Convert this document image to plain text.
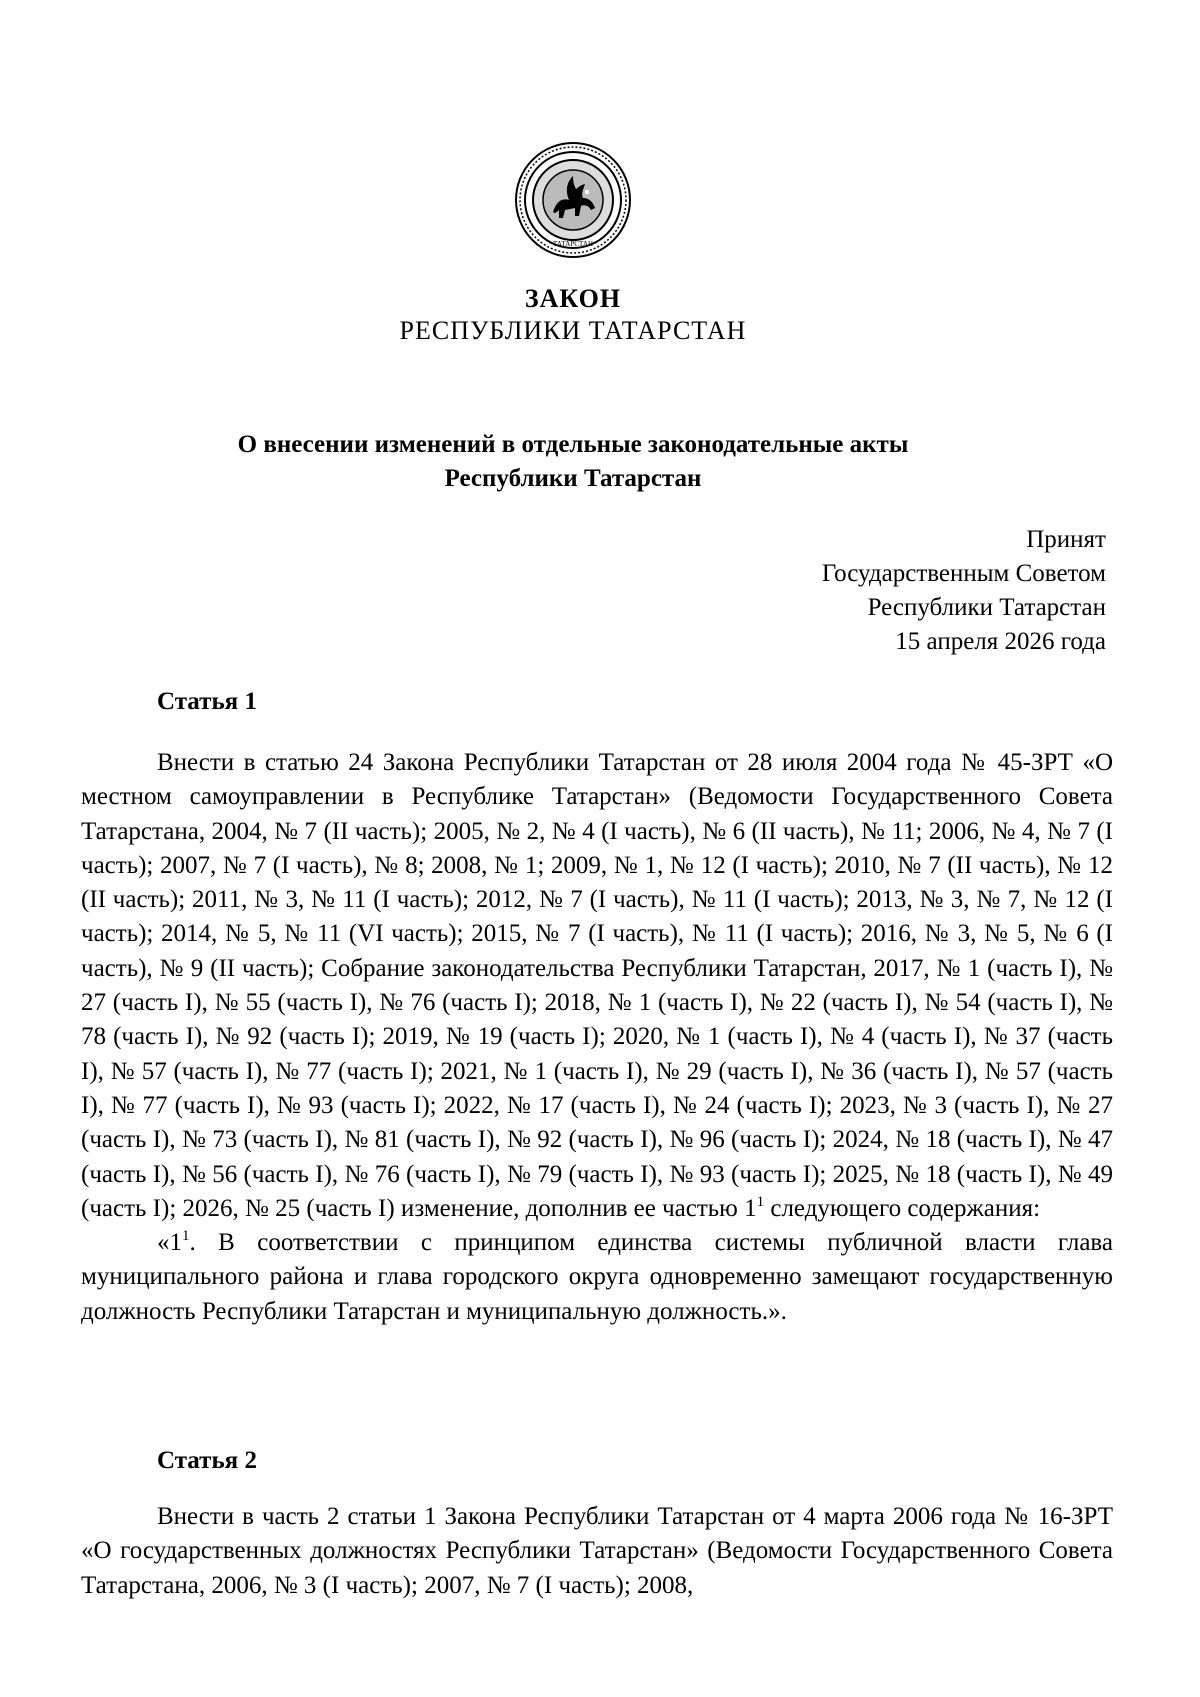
ТАТАРСТАН
ЗАКОН
РЕСПУБЛИКИ ТАТАРСТАН
О внесении изменений в отдельные законодательные акты
Республики Татарстан
Принят
Государственным Советом
Республики Татарстан
15 апреля 2026 года
Статья 1

Внести в статью 24 Закона Республики Татарстан от 28 июля 2004 года № 45-ЗРТ «О местном самоуправлении в Республике Татарстан» (Ведомости Государственного Совета Татарстана, 2004, № 7 (II часть); 2005, № 2, № 4 (I часть), № 6 (II часть), № 11; 2006, № 4, № 7 (I часть); 2007, № 7 (I часть), № 8; 2008, № 1; 2009, № 1, № 12 (I часть); 2010, № 7 (II часть), № 12 (II часть); 2011, № 3, № 11 (I часть); 2012, № 7 (I часть), № 11 (I часть); 2013, № 3, № 7, № 12 (I часть); 2014, № 5, № 11 (VI часть); 2015, № 7 (I часть), № 11 (I часть); 2016, № 3, № 5, № 6 (I часть), № 9 (II часть); Собрание законодательства Республики Татарстан, 2017, № 1 (часть I), № 27 (часть I), № 55 (часть I), № 76 (часть I); 2018, № 1 (часть I), № 22 (часть I), № 54 (часть I), № 78 (часть I), № 92 (часть I); 2019, № 19 (часть I); 2020, № 1 (часть I), № 4 (часть I), № 37 (часть I), № 57 (часть I), № 77 (часть I); 2021, № 1 (часть I), № 29 (часть I), № 36 (часть I), № 57 (часть I), № 77 (часть I), № 93 (часть I); 2022, № 17 (часть I), № 24 (часть I); 2023, № 3 (часть I), № 27 (часть I), № 73 (часть I), № 81 (часть I), № 92 (часть I), № 96 (часть I); 2024, № 18 (часть I), № 47 (часть I), № 56 (часть I), № 76 (часть I), № 79 (часть I), № 93 (часть I); 2025, № 18 (часть I), № 49 (часть I); 2026, № 25 (часть I) изменение, дополнив ее частью $1^1$ следующего содержания:

«$1^1$. В соответствии с принципом единства системы публичной власти глава муниципального района и глава городского округа одновременно замещают государственную должность Республики Татарстан и муниципальную должность.».

Статья 2

Внести в часть 2 статьи 1 Закона Республики Татарстан от 4 марта 2006 года № 16-ЗРТ «О государственных должностях Республики Татарстан» (Ведомости Государственного Совета Татарстана, 2006, № 3 (I часть); 2007, № 7 (I часть); 2008,
